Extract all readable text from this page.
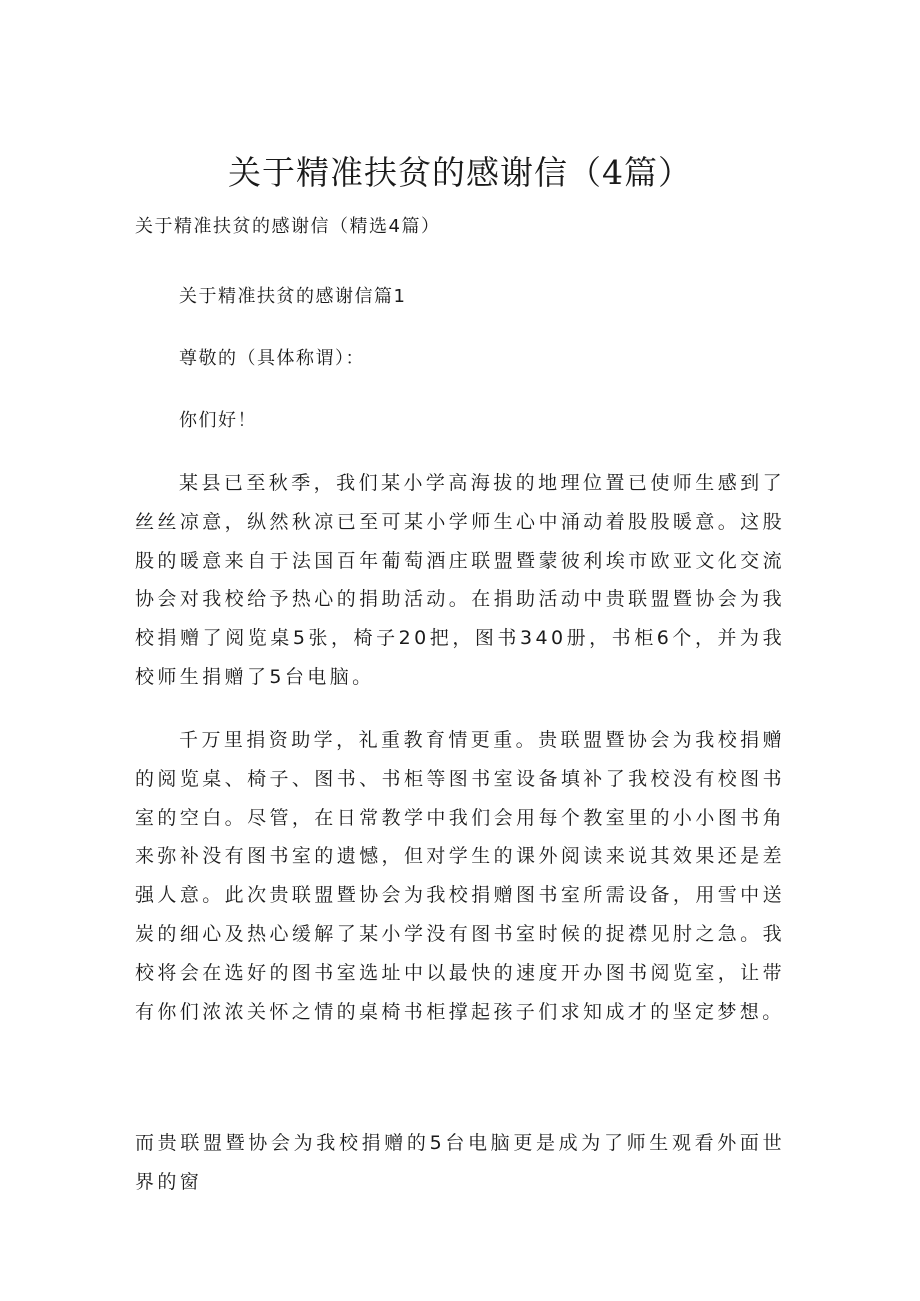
关于精准扶贫的感谢信（4篇）
关于精准扶贫的感谢信（精选4篇）
关于精准扶贫的感谢信篇1
尊敬的（具体称谓）：
你们好！
某县已至秋季，我们某小学高海拔的地理位置已使师生感到了丝丝凉意，纵然秋凉已至可某小学师生心中涌动着股股暖意。这股股的暖意来自于法国百年葡萄酒庄联盟暨蒙彼利埃市欧亚文化交流协会对我校给予热心的捐助活动。在捐助活动中贵联盟暨协会为我校捐赠了阅览桌5张，椅子20把，图书340册，书柜6个，并为我校师生捐赠了5台电脑。
千万里捐资助学，礼重教育情更重。贵联盟暨协会为我校捐赠的阅览桌、椅子、图书、书柜等图书室设备填补了我校没有校图书室的空白。尽管，在日常教学中我们会用每个教室里的小小图书角来弥补没有图书室的遗憾，但对学生的课外阅读来说其效果还是差强人意。此次贵联盟暨协会为我校捐赠图书室所需设备，用雪中送炭的细心及热心缓解了某小学没有图书室时候的捉襟见肘之急。我校将会在选好的图书室选址中以最快的速度开办图书阅览室，让带有你们浓浓关怀之情的桌椅书柜撑起孩子们求知成才的坚定梦想。
而贵联盟暨协会为我校捐赠的5台电脑更是成为了师生观看外面世界的窗
